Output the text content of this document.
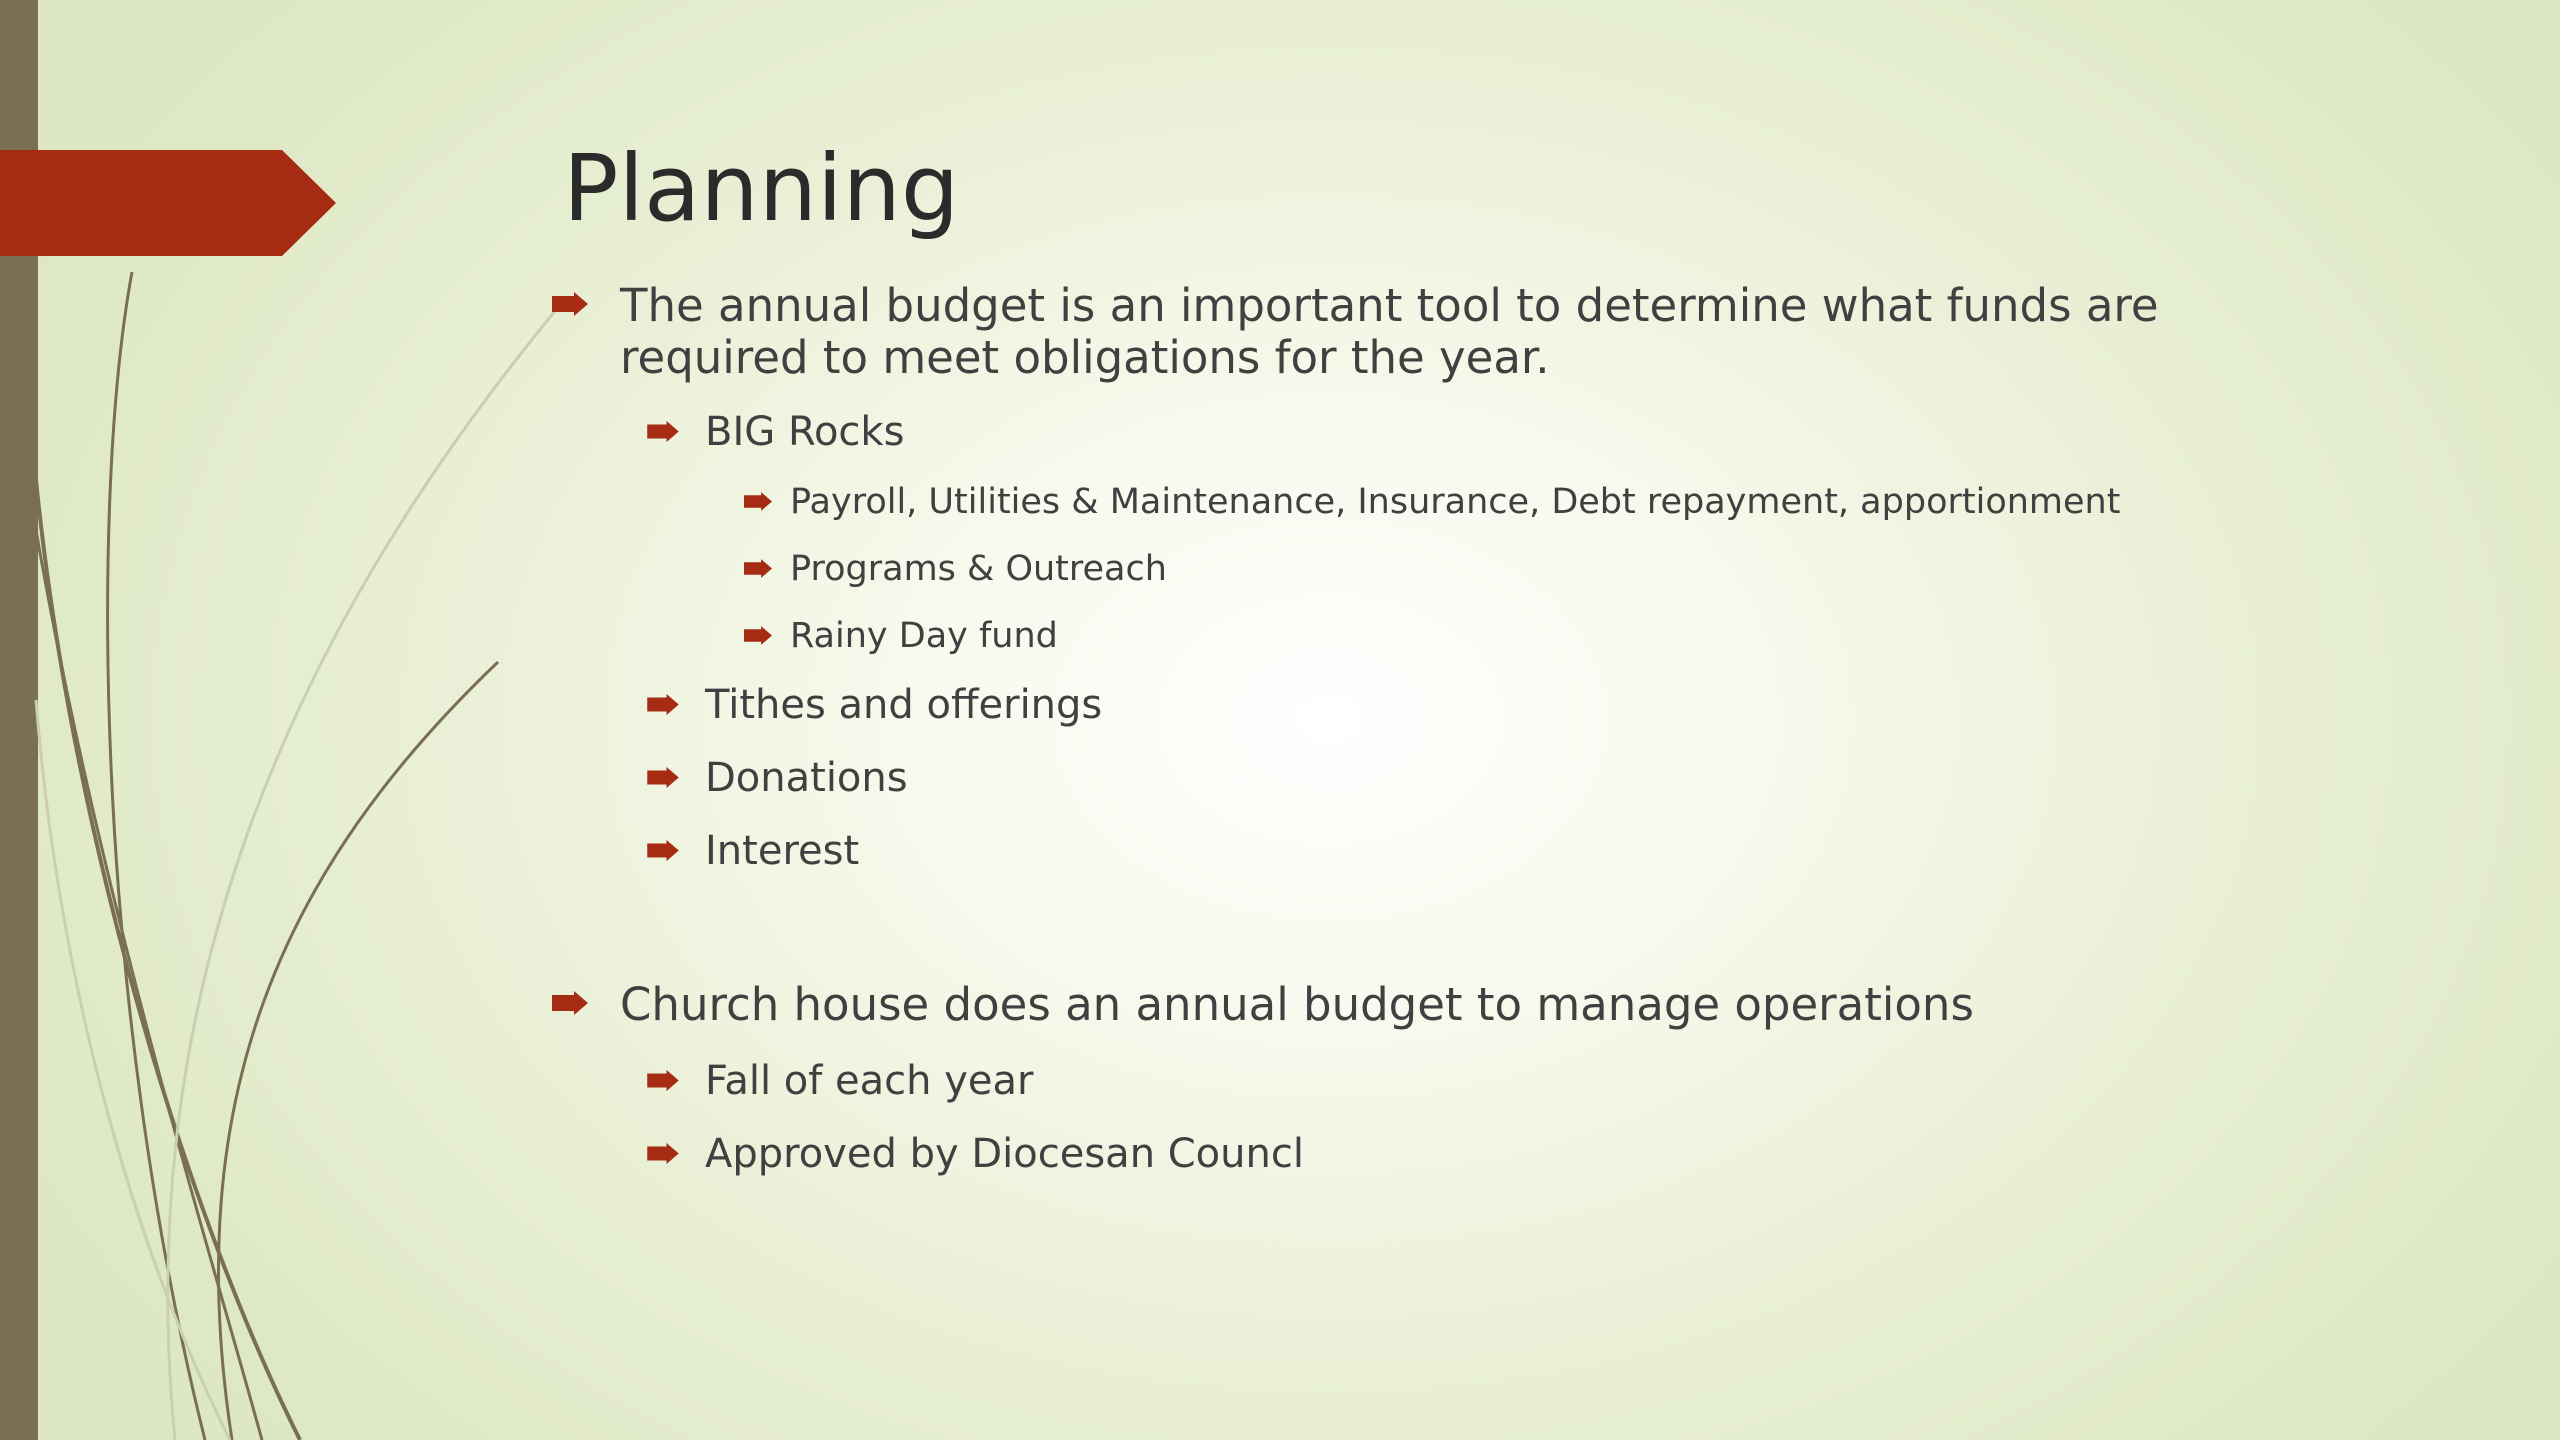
Planning
The annual budget is an important tool to determine what funds are
required to meet obligations for the year.
BIG Rocks
Payroll, Utilities & Maintenance, Insurance, Debt repayment, apportionment
Programs & Outreach
Rainy Day fund
Tithes and offerings
Donations
Interest
Church house does an annual budget to manage operations
Fall of each year
Approved by Diocesan Councl
